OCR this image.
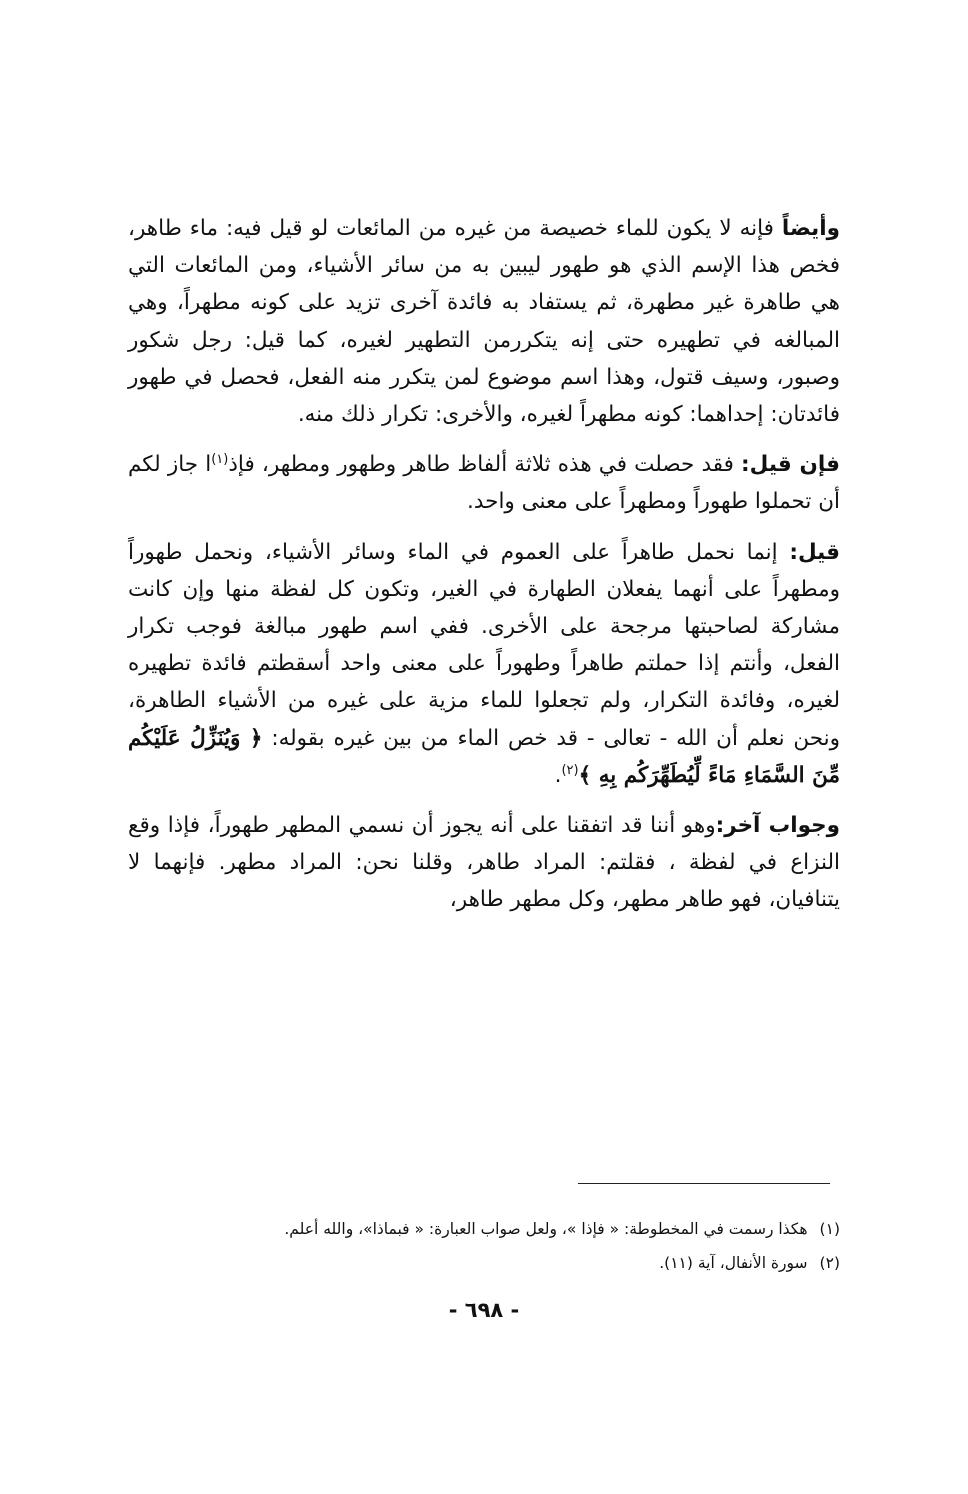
وأيضاً فإنه لا يكون للماء خصيصة من غيره من المائعات لو قيل فيه: ماء طاهر، فخص هذا الإسم الذي هو طهور ليبين به من سائر الأشياء، ومن المائعات التي هي طاهرة غير مطهرة، ثم يستفاد به فائدة آخرى تزيد على كونه مطهراً، وهي المبالغه في تطهيره حتى إنه يتكررمن التطهير لغيره، كما قيل: رجل شكور وصبور، وسيف قتول، وهذا اسم موضوع لمن يتكرر منه الفعل، فحصل في طهور فائدتان: إحداهما: كونه مطهراً لغيره، والأخرى: تكرار ذلك منه.

فإن قيل: فقد حصلت في هذه ثلاثة ألفاظ طاهر وطهور ومطهر، فإذ$^{(١)}$ا جاز لكم أن تحملوا طهوراً ومطهراً على معنى واحد.

قيل: إنما نحمل طاهراً على العموم في الماء وسائر الأشياء، ونحمل طهوراً ومطهراً على أنهما يفعلان الطهارة في الغير، وتكون كل لفظة منها وإن كانت مشاركة لصاحبتها مرجحة على الأخرى. ففي اسم طهور مبالغة فوجب تكرار الفعل، وأنتم إذا حملتم طاهراً وطهوراً على معنى واحد أسقطتم فائدة تطهيره لغيره، وفائدة التكرار، ولم تجعلوا للماء مزية على غيره من الأشياء الطاهرة، ونحن نعلم أن الله - تعالى - قد خص الماء من بين غيره بقوله: ﴿ وَيُنَزِّلُ عَلَيْكُم مِّنَ السَّمَاءِ مَاءً لِّيُطَهِّرَكُم بِهِ ﴾$^{(٢)}$.

وجواب آخر:وهو أننا قد اتفقنا على أنه يجوز أن نسمي المطهر طهوراً، فإذا وقع النزاع في لفظة ، فقلتم: المراد طاهر، وقلنا نحن: المراد مطهر. فإنهما لا يتنافيان، فهو طاهر مطهر، وكل مطهر طاهر،

(١)هكذا رسمت في المخطوطة: « فإذا »، ولعل صواب العبارة: « فبماذا»، والله أعلم.

(٢)سورة الأنفال، آية (١١).

- ٦٩٨ -
